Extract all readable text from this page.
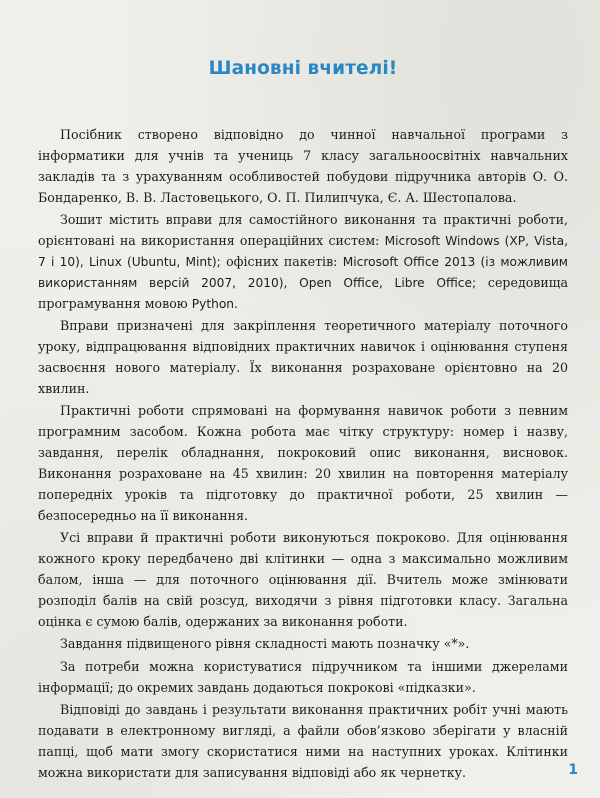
Шановні вчителі!

Посібник створено відповідно до чинної навчальної програми з інформатики для учнів та учениць 7 класу загальноосвітніх навчальних закладів та з урахуванням особливостей побудови підручника авторів О. О. Бондаренко, В. В. Ластовецького, О. П. Пилипчука, Є. А. Шестопалова.

Зошит містить вправи для самостійного виконання та практичні роботи, орієнтовані на використання операційних систем: Microsoft Windows (XP, Vista, 7 і 10), Linux (Ubuntu, Mint); офісних пакетів: Microsoft Office 2013 (із можливим використанням версій 2007, 2010), Open Office, Libre Office; середовища програмування мовою Python.

Вправи призначені для закріплення теоретичного матеріалу поточного уроку, відпрацювання відповідних практичних навичок і оцінювання ступеня засвоєння нового матеріалу. Їх виконання розраховане орієнтовно на 20 хвилин.

Практичні роботи спрямовані на формування навичок роботи з певним програмним засобом. Кожна робота має чітку структуру: номер і назву, завдання, перелік обладнання, покроковий опис виконання, висновок. Виконання розраховане на 45 хвилин: 20 хвилин на повторення матеріалу попередніх уроків та підготовку до практичної роботи, 25 хвилин — безпосередньо на її виконання.

Усі вправи й практичні роботи виконуються покроково. Для оцінювання кожного кроку передбачено дві клітинки — одна з максимально можливим балом, інша — для поточного оцінювання дії. Вчитель може змінювати розподіл балів на свій розсуд, виходячи з рівня підготовки класу. Загальна оцінка є сумою балів, одержаних за виконання роботи.

Завдання підвищеного рівня складності мають позначку «*».

За потреби можна користуватися підручником та іншими джерелами інформації; до окремих завдань додаються покрокові «підказки».

Відповіді до завдань і результати виконання практичних робіт учні мають подавати в електронному вигляді, а файли обов’язково зберігати у власній папці, щоб мати змогу скористатися ними на наступних уроках. Клітинки можна використати для записування відповіді або як чернетку.	1
